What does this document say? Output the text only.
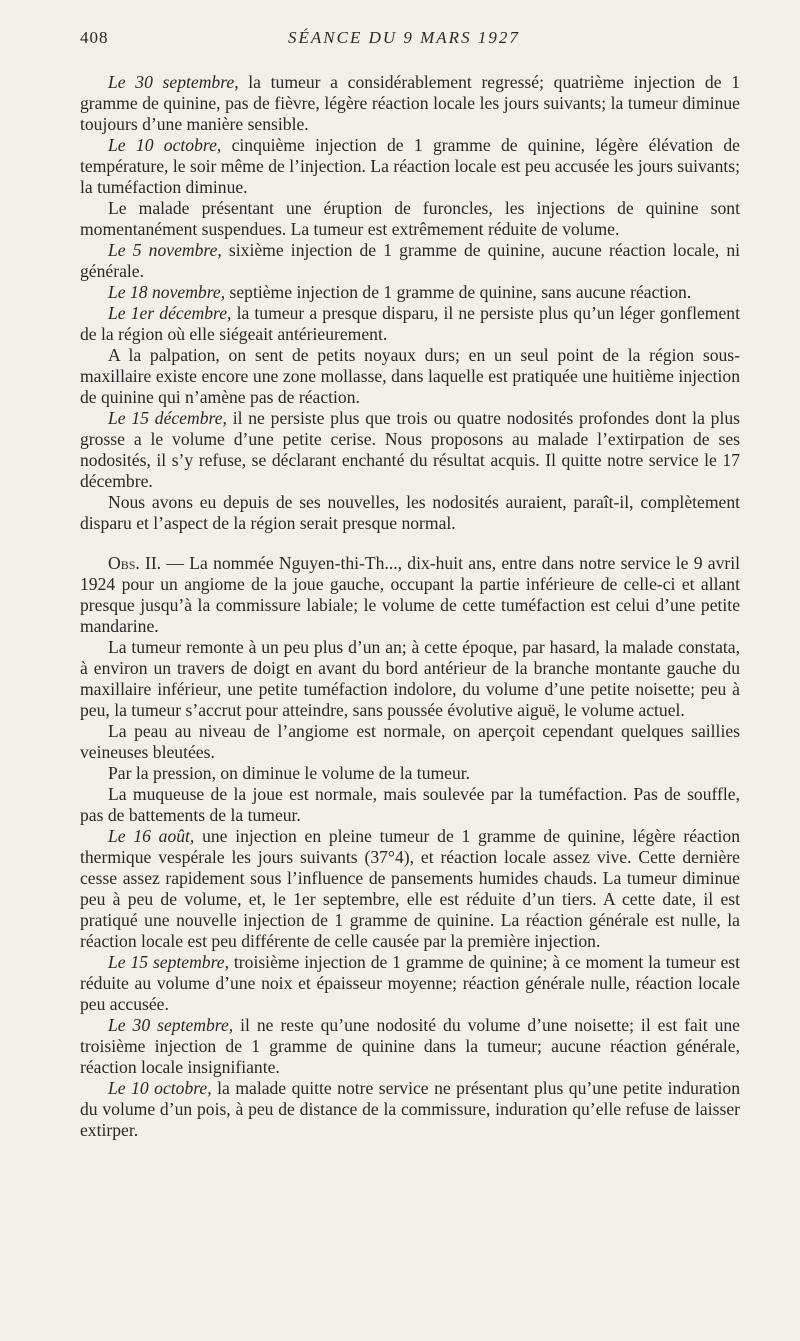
408	SÉANCE DU 9 MARS 1927

Le 30 septembre, la tumeur a considérablement regressé; quatrième injection de 1 gramme de quinine, pas de fièvre, légère réaction locale les jours suivants; la tumeur diminue toujours d’une manière sensible.

Le 10 octobre, cinquième injection de 1 gramme de quinine, légère élévation de température, le soir même de l’injection. La réaction locale est peu accusée les jours suivants; la tuméfaction diminue.

Le malade présentant une éruption de furoncles, les injections de quinine sont momentanément suspendues. La tumeur est extrêmement réduite de volume.

Le 5 novembre, sixième injection de 1 gramme de quinine, aucune réaction locale, ni générale.

Le 18 novembre, septième injection de 1 gramme de quinine, sans aucune réaction.

Le 1er décembre, la tumeur a presque disparu, il ne persiste plus qu’un léger gonflement de la région où elle siégeait antérieurement.

A la palpation, on sent de petits noyaux durs; en un seul point de la région sous-maxillaire existe encore une zone mollasse, dans laquelle est pratiquée une huitième injection de quinine qui n’amène pas de réaction.

Le 15 décembre, il ne persiste plus que trois ou quatre nodosités profondes dont la plus grosse a le volume d’une petite cerise. Nous proposons au malade l’extirpation de ses nodosités, il s’y refuse, se déclarant enchanté du résultat acquis. Il quitte notre service le 17 décembre.

Nous avons eu depuis de ses nouvelles, les nodosités auraient, paraît-il, complètement disparu et l’aspect de la région serait presque normal.

Obs. II. — La nommée Nguyen-thi-Th..., dix-huit ans, entre dans notre service le 9 avril 1924 pour un angiome de la joue gauche, occupant la partie inférieure de celle-ci et allant presque jusqu’à la commissure labiale; le volume de cette tuméfaction est celui d’une petite mandarine.

La tumeur remonte à un peu plus d’un an; à cette époque, par hasard, la malade constata, à environ un travers de doigt en avant du bord antérieur de la branche montante gauche du maxillaire inférieur, une petite tuméfaction indolore, du volume d’une petite noisette; peu à peu, la tumeur s’accrut pour atteindre, sans poussée évolutive aiguë, le volume actuel.

La peau au niveau de l’angiome est normale, on aperçoit cependant quelques saillies veineuses bleutées.

Par la pression, on diminue le volume de la tumeur.

La muqueuse de la joue est normale, mais soulevée par la tuméfaction. Pas de souffle, pas de battements de la tumeur.

Le 16 août, une injection en pleine tumeur de 1 gramme de quinine, légère réaction thermique vespérale les jours suivants (37°4), et réaction locale assez vive. Cette dernière cesse assez rapidement sous l’influence de pansements humides chauds. La tumeur diminue peu à peu de volume, et, le 1er septembre, elle est réduite d’un tiers. A cette date, il est pratiqué une nouvelle injection de 1 gramme de quinine. La réaction générale est nulle, la réaction locale est peu différente de celle causée par la première injection.

Le 15 septembre, troisième injection de 1 gramme de quinine; à ce moment la tumeur est réduite au volume d’une noix et épaisseur moyenne; réaction générale nulle, réaction locale peu accusée.

Le 30 septembre, il ne reste qu’une nodosité du volume d’une noisette; il est fait une troisième injection de 1 gramme de quinine dans la tumeur; aucune réaction générale, réaction locale insignifiante.

Le 10 octobre, la malade quitte notre service ne présentant plus qu’une petite induration du volume d’un pois, à peu de distance de la commissure, induration qu’elle refuse de laisser extirper.
